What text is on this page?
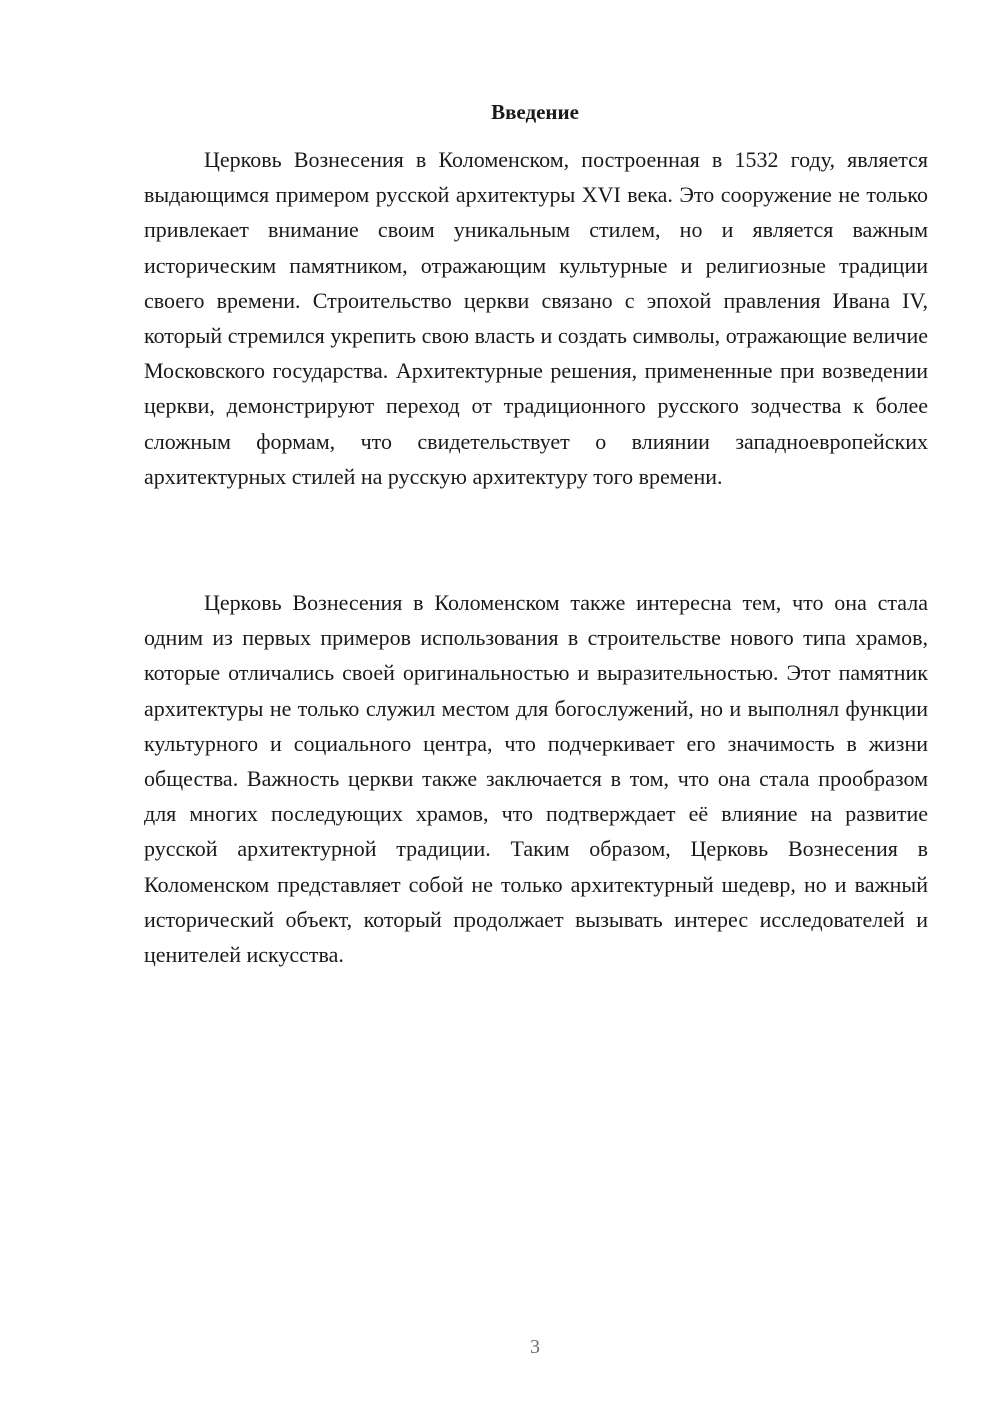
Введение

Церковь Вознесения в Коломенском, построенная в 1532 году, является выдающимся примером русской архитектуры XVI века. Это сооружение не только привлекает внимание своим уникальным стилем, но и является важным историческим памятником, отражающим культурные и религиозные традиции своего времени. Строительство церкви связано с эпохой правления Ивана IV, который стремился укрепить свою власть и создать символы, отражающие величие Московского государства. Архитектурные решения, примененные при возведении церкви, демонстрируют переход от традиционного русского зодчества к более сложным формам, что свидетельствует о влиянии западноевропейских архитектурных стилей на русскую архитектуру того времени.

Церковь Вознесения в Коломенском также интересна тем, что она стала одним из первых примеров использования в строительстве нового типа храмов, которые отличались своей оригинальностью и выразительностью. Этот памятник архитектуры не только служил местом для богослужений, но и выполнял функции культурного и социального центра, что подчеркивает его значимость в жизни общества. Важность церкви также заключается в том, что она стала прообразом для многих последующих храмов, что подтверждает её влияние на развитие русской архитектурной традиции. Таким образом, Церковь Вознесения в Коломенском представляет собой не только архитектурный шедевр, но и важный исторический объект, который продолжает вызывать интерес исследователей и ценителей искусства.

3
